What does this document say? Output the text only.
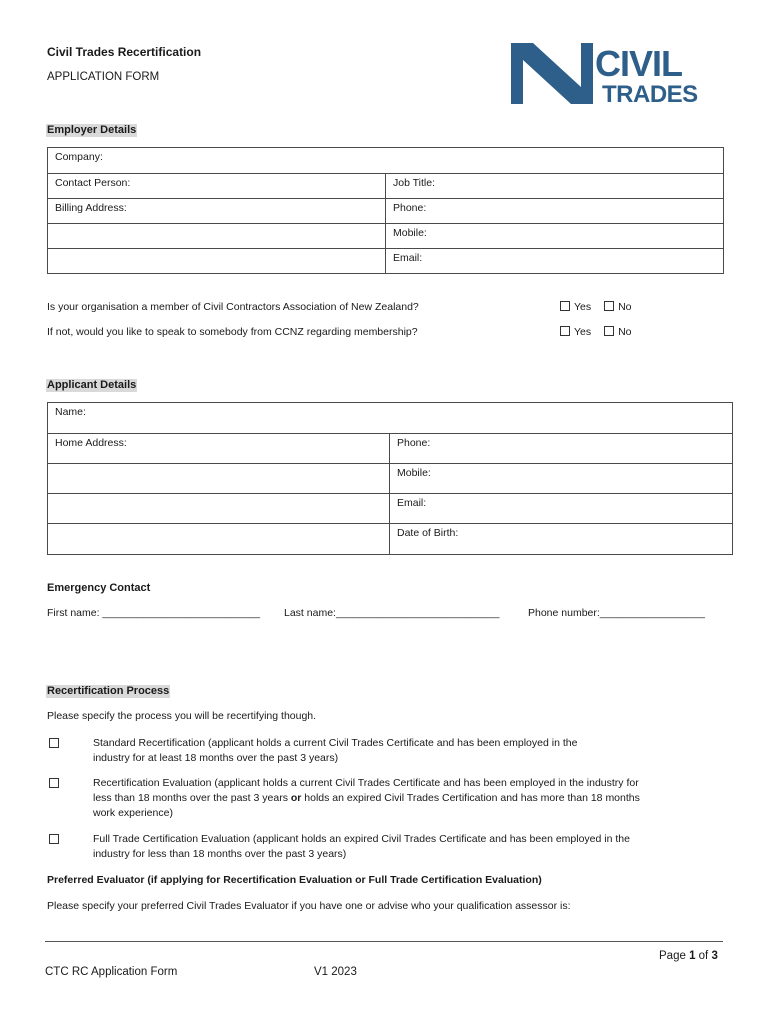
Civil Trades Recertification
APPLICATION FORM	CIVIL
TRADES
Employer Details
Company:	
Contact Person:	Job Title:
Billing Address:	Phone:
	Mobile:
	Email:
Is your organisation a member of Civil Contractors Association of New Zealand?	Yes	No
If not, would you like to speak to somebody from CCNZ regarding membership?	Yes	No
Applicant Details
Name:	
Home Address:	Phone:
	Mobile:
	Email:
	Date of Birth:
Emergency Contact
First name: ___________________________ Last name:____________________________	Phone number:__________________
Recertification Process
Please specify the process you will be recertifying though.
Standard Recertification (applicant holds a current Civil Trades Certificate and has been employed in the
industry for at least 18 months over the past 3 years)
Recertification Evaluation (applicant holds a current Civil Trades Certificate and has been employed in the industry for
less than 18 months over the past 3 years or holds an expired Civil Trades Certification and has more than 18 months
work experience)
Full Trade Certification Evaluation (applicant holds an expired Civil Trades Certificate and has been employed in the
industry for less than 18 months over the past 3 years)
Preferred Evaluator (if applying for Recertification Evaluation or Full Trade Certification Evaluation)
Please specify your preferred Civil Trades Evaluator if you have one or advise who your qualification assessor is:
Page 1 of 3
CTC RC Application Form	V1 2023
